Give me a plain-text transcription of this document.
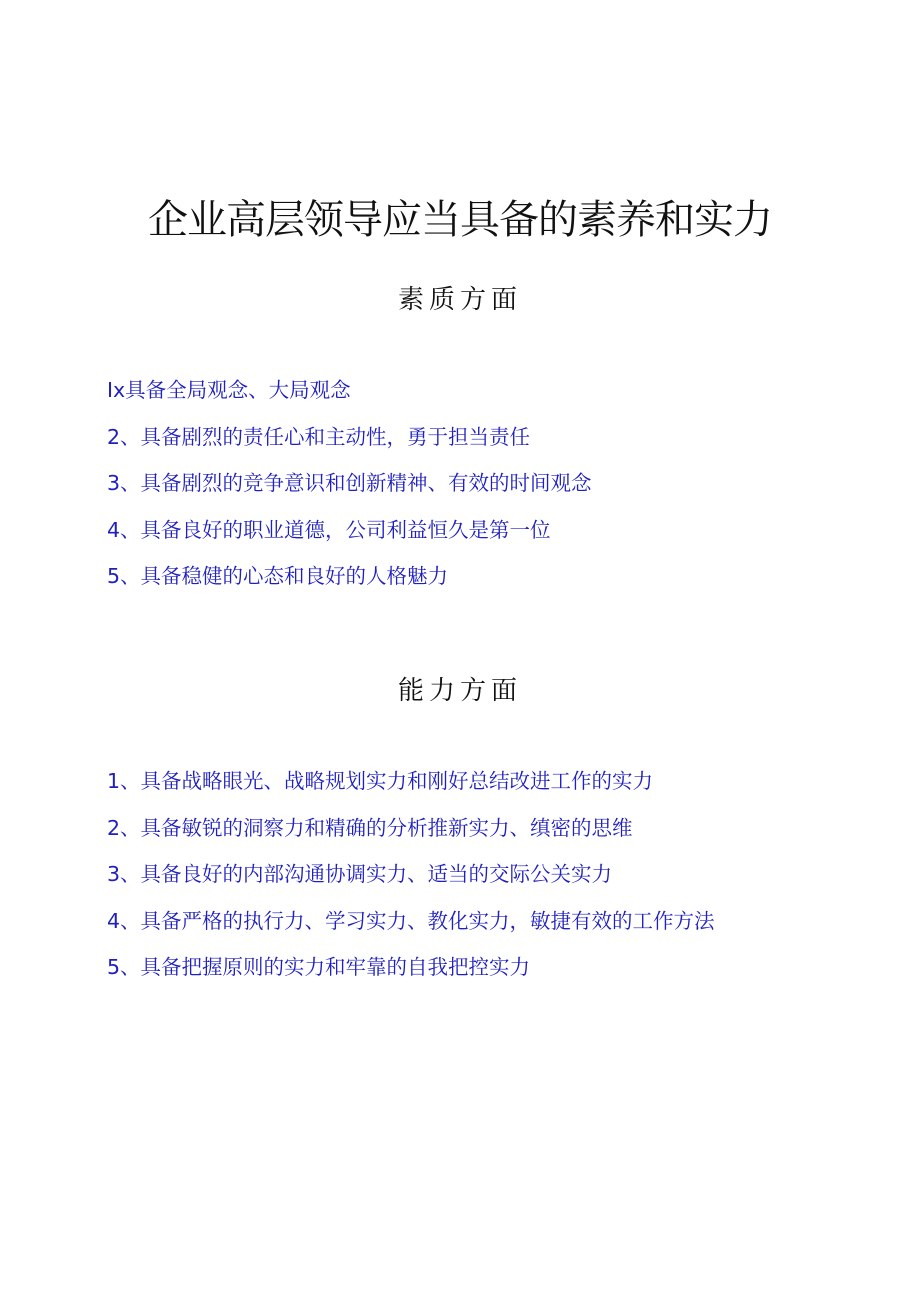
企业高层领导应当具备的素养和实力
素质方面
Ix具备全局观念、大局观念
2、具备剧烈的责任心和主动性，勇于担当责任
3、具备剧烈的竞争意识和创新精神、有效的时间观念
4、具备良好的职业道德，公司利益恒久是第一位
5、具备稳健的心态和良好的人格魅力
能力方面
1、具备战略眼光、战略规划实力和刚好总结改进工作的实力
2、具备敏锐的洞察力和精确的分析推新实力、缜密的思维
3、具备良好的内部沟通协调实力、适当的交际公关实力
4、具备严格的执行力、学习实力、教化实力，敏捷有效的工作方法
5、具备把握原则的实力和牢靠的自我把控实力
